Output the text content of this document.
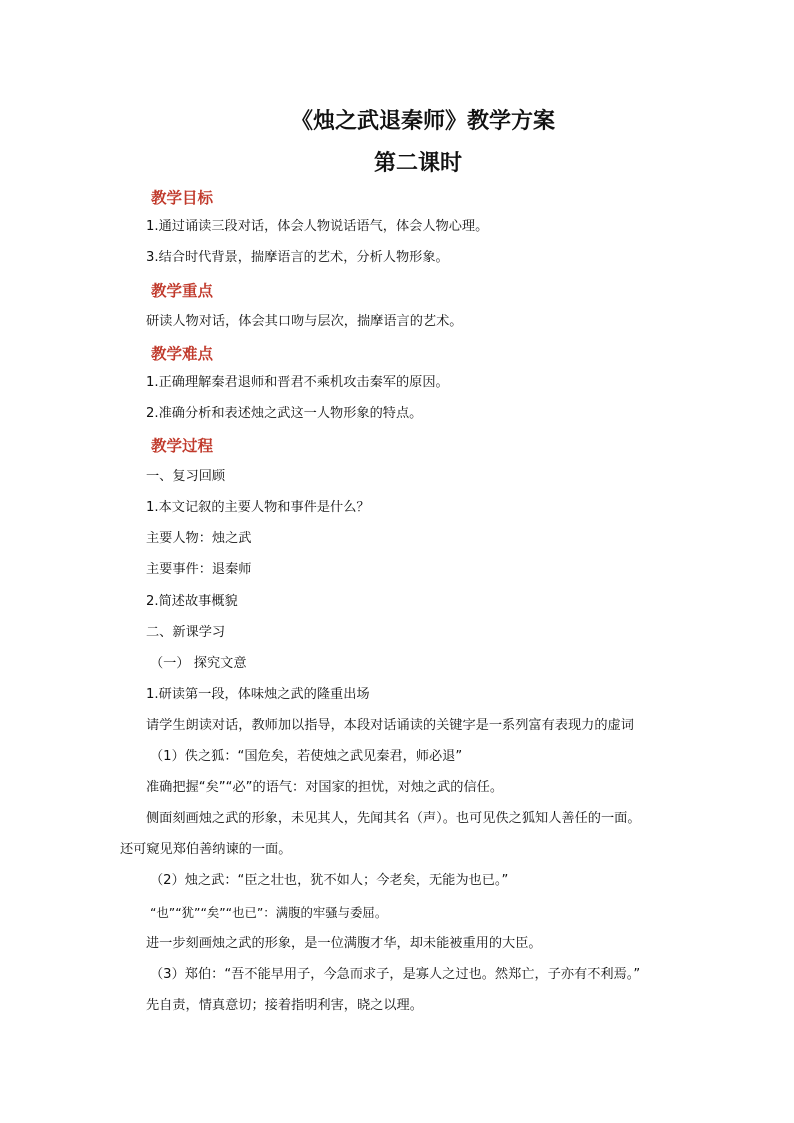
《烛之武退秦师》教学方案
第二课时
教学目标
1.通过诵读三段对话，体会人物说话语气，体会人物心理。
3.结合时代背景，揣摩语言的艺术，分析人物形象。
教学重点
研读人物对话，体会其口吻与层次，揣摩语言的艺术。
教学难点
1.正确理解秦君退师和晋君不乘机攻击秦军的原因。
2.准确分析和表述烛之武这一人物形象的特点。
教学过程
一、复习回顾
1.本文记叙的主要人物和事件是什么？
主要人物：烛之武
主要事件：退秦师
2.简述故事概貌
二、新课学习
（一） 探究文意
1.研读第一段，体味烛之武的隆重出场
请学生朗读对话，教师加以指导，本段对话诵读的关键字是一系列富有表现力的虚词
（1）佚之狐：“国危矣，若使烛之武见秦君，师必退”
准确把握“矣”“必”的语气：对国家的担忧，对烛之武的信任。
侧面刻画烛之武的形象，未见其人，先闻其名（声）。也可见佚之狐知人善任的一面。
还可窥见郑伯善纳谏的一面。
（2）烛之武：“臣之壮也，犹不如人；今老矣，无能为也已。”
“也”“犹”“矣”“也已”：满腹的牢骚与委屈。
进一步刻画烛之武的形象，是一位满腹才华，却未能被重用的大臣。
（3）郑伯：“吾不能早用子，今急而求子，是寡人之过也。然郑亡，子亦有不利焉。”
先自责，情真意切；接着指明利害，晓之以理。
